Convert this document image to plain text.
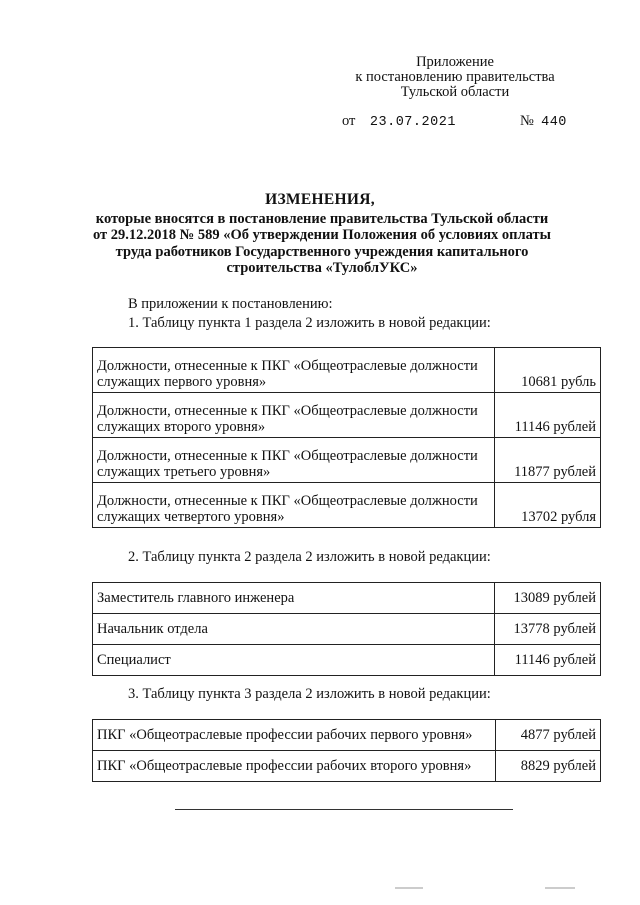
Приложение
к постановлению правительства
Тульской области
от 23.07.2021	№ 440
ИЗМЕНЕНИЯ,
которые вносятся в постановление правительства Тульской области
от 29.12.2018 № 589 «Об утверждении Положения об условиях оплаты
труда работников Государственного учреждения капитального
строительства «ТулоблУКС»
В приложении к постановлению:
1. Таблицу пункта 1 раздела 2 изложить в новой редакции:
Должности, отнесенные к ПКГ «Общеотраслевые должности
служащих первого уровня»	10681 рубль

Должности, отнесенные к ПКГ «Общеотраслевые должности
служащих второго уровня»	11146 рублей

Должности, отнесенные к ПКГ «Общеотраслевые должности
служащих третьего уровня»	11877 рублей

Должности, отнесенные к ПКГ «Общеотраслевые должности
служащих четвертого уровня»	13702 рубля
2. Таблицу пункта 2 раздела 2 изложить в новой редакции:
Заместитель главного инженера	13089 рублей
Начальник отдела	13778 рублей
Специалист	11146 рублей
3. Таблицу пункта 3 раздела 2 изложить в новой редакции:
ПКГ «Общеотраслевые профессии рабочих первого уровня»	4877 рублей
ПКГ «Общеотраслевые профессии рабочих второго уровня»	8829 рублей
